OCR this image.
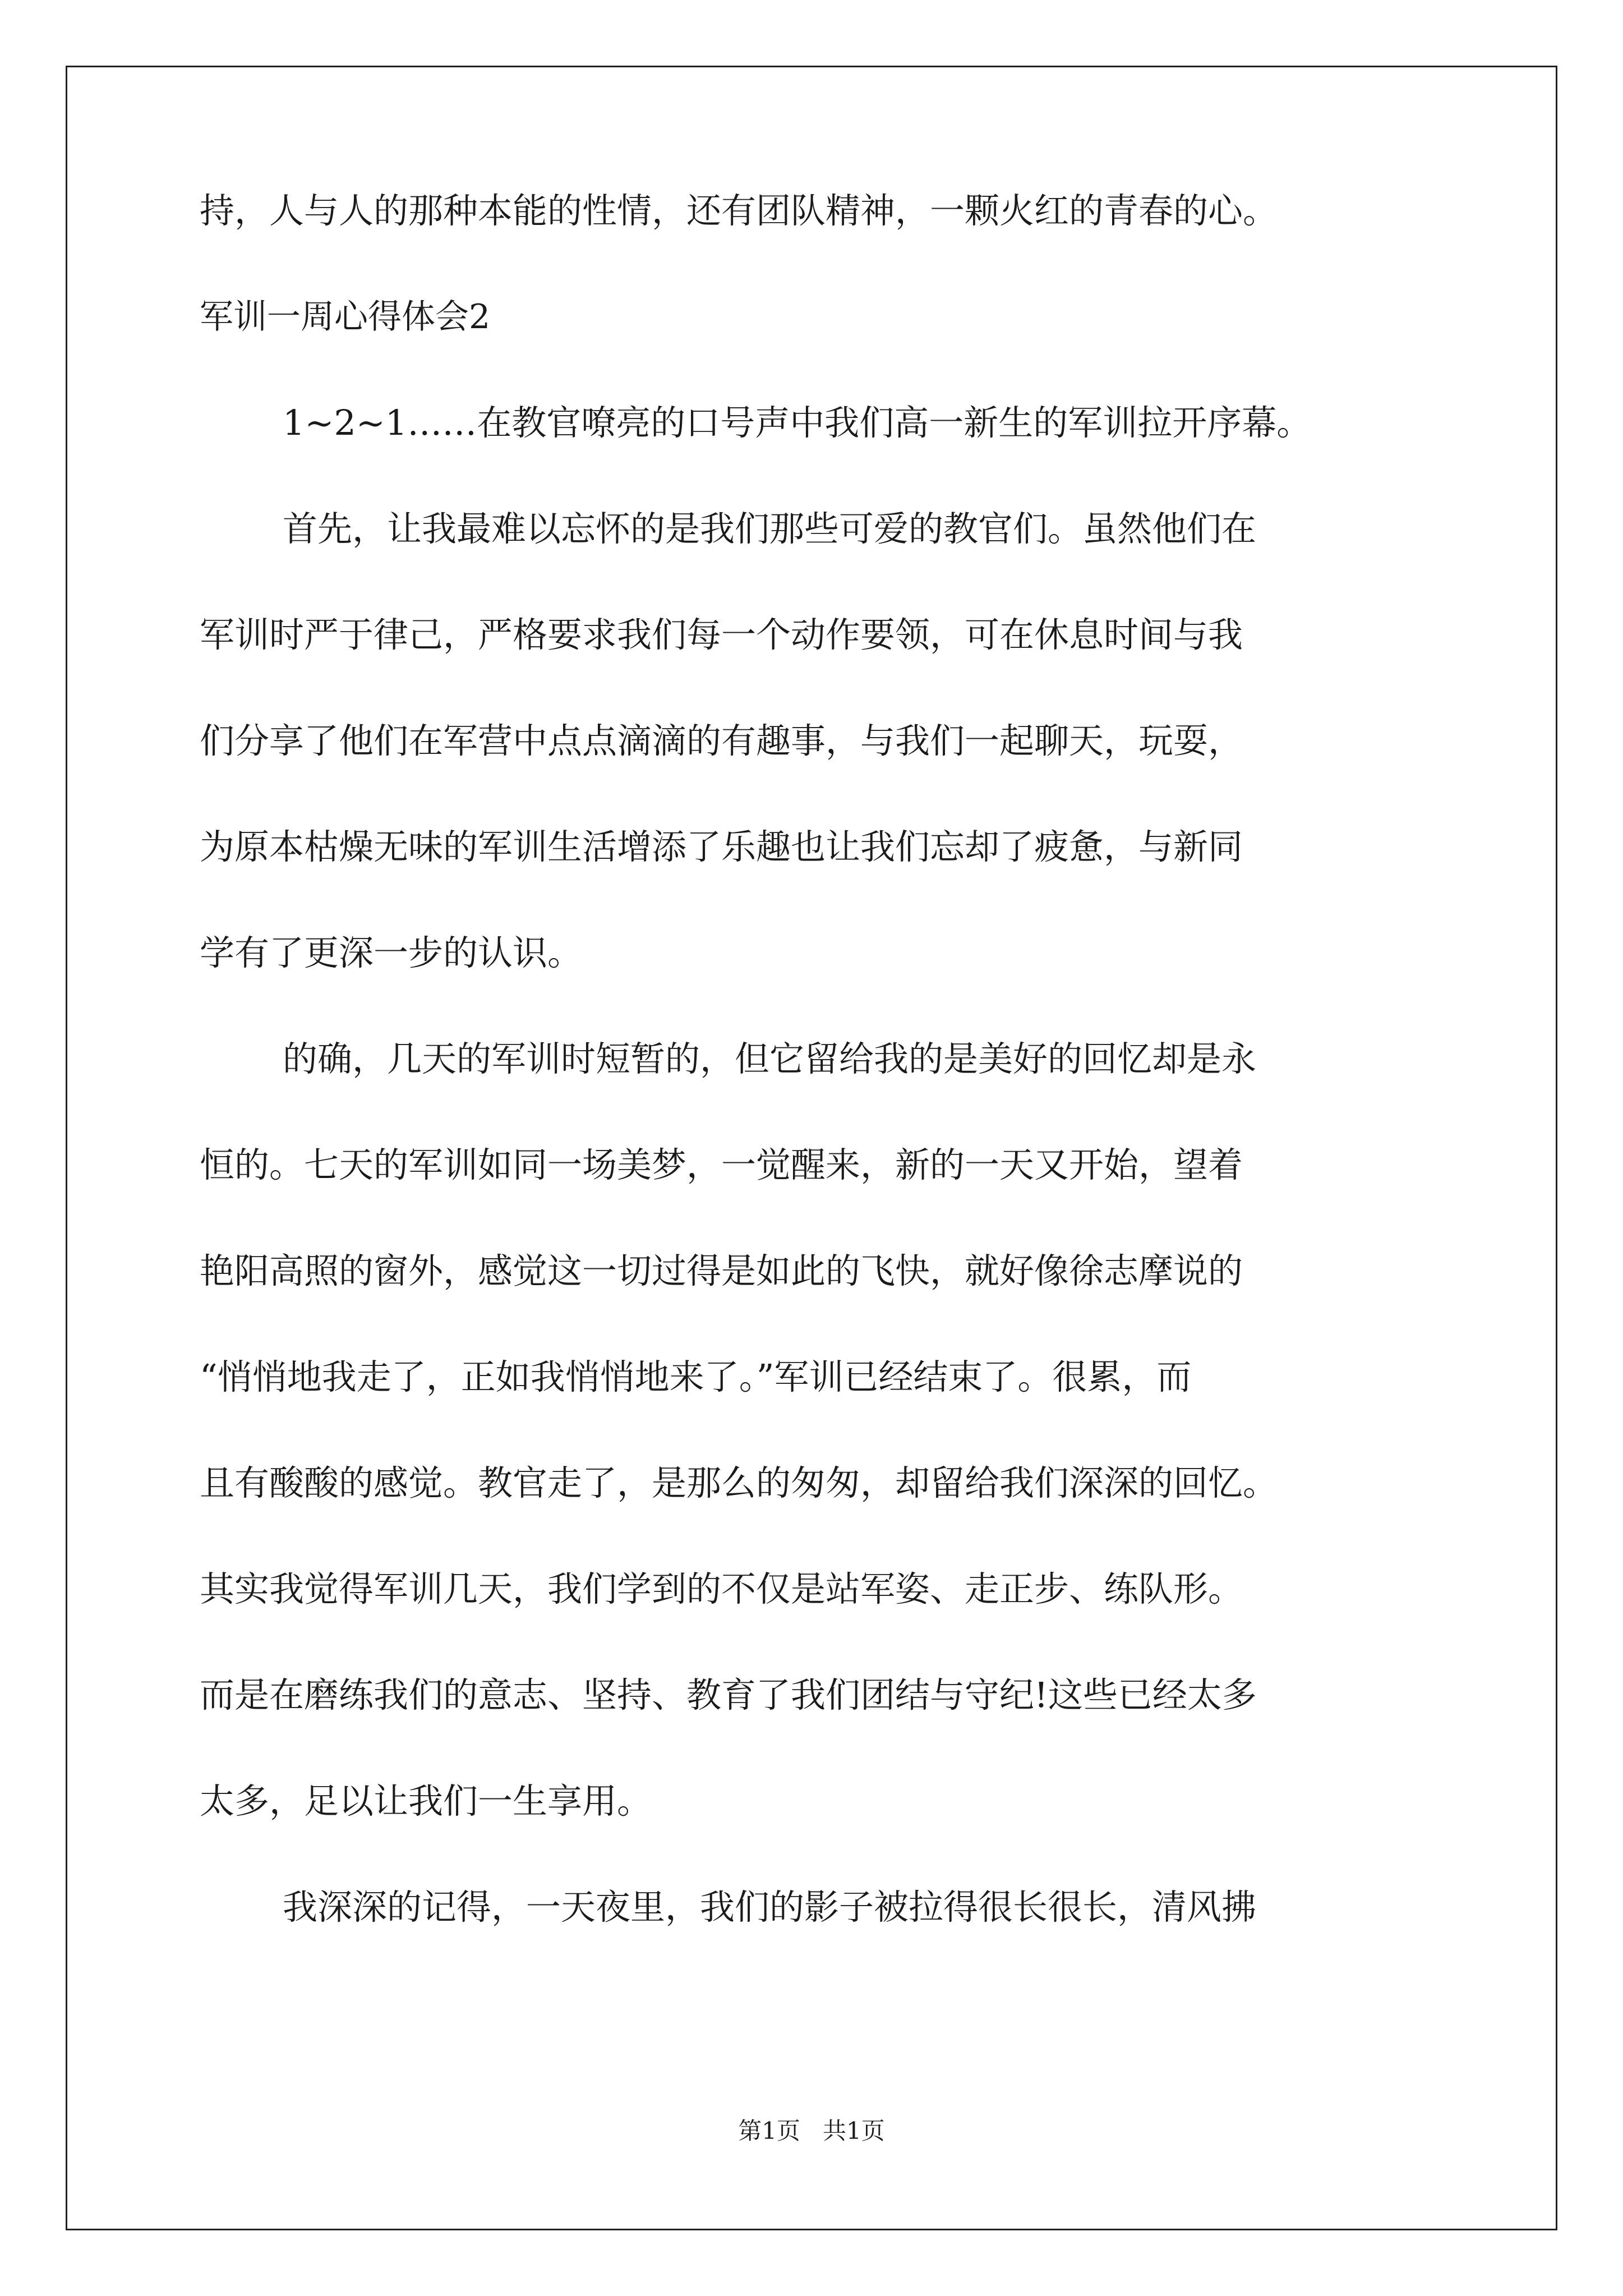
持，人与人的那种本能的性情，还有团队精神，一颗火红的青春的心。
军训一周心得体会2
1~2~1……在教官嘹亮的口号声中我们高一新生的军训拉开序幕。
首先，让我最难以忘怀的是我们那些可爱的教官们。虽然他们在
军训时严于律己，严格要求我们每一个动作要领，可在休息时间与我
们分享了他们在军营中点点滴滴的有趣事，与我们一起聊天，玩耍，
为原本枯燥无味的军训生活增添了乐趣也让我们忘却了疲惫，与新同
学有了更深一步的认识。
的确，几天的军训时短暂的，但它留给我的是美好的回忆却是永
恒的。七天的军训如同一场美梦，一觉醒来，新的一天又开始，望着
艳阳高照的窗外，感觉这一切过得是如此的飞快，就好像徐志摩说的
“悄悄地我走了，正如我悄悄地来了。”军训已经结束了。很累，而
且有酸酸的感觉。教官走了，是那么的匆匆，却留给我们深深的回忆。
其实我觉得军训几天，我们学到的不仅是站军姿、走正步、练队形。
而是在磨练我们的意志、坚持、教育了我们团结与守纪!这些已经太多
太多，足以让我们一生享用。
我深深的记得，一天夜里，我们的影子被拉得很长很长，清风拂
第1页   共1页
